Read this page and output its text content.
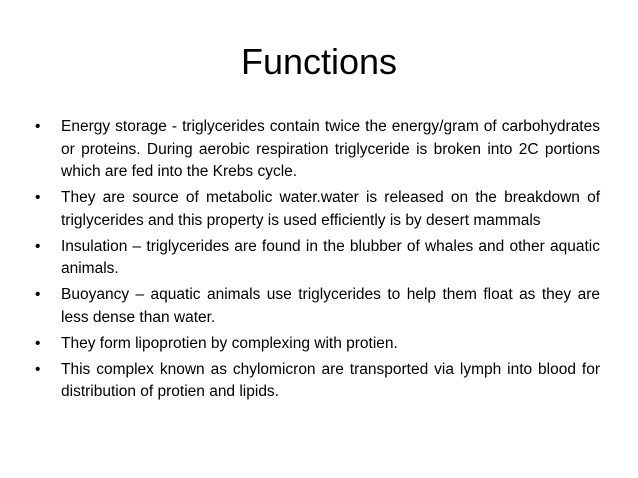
Functions
• Energy storage - triglycerides contain twice the energy/gram of carbohydrates or proteins. During aerobic respiration triglyceride is broken into 2C portions which are fed into the Krebs cycle.
• They are source of metabolic water.water is released on the breakdown of triglycerides and this property is used efficiently is by desert mammals
• Insulation – triglycerides are found in the blubber of whales and other aquatic animals.
• Buoyancy – aquatic animals use triglycerides to help them float as they are less dense than water.
• They form lipoprotien by complexing with protien.
• This complex known as chylomicron are transported via lymph into blood for distribution of protien and lipids.
